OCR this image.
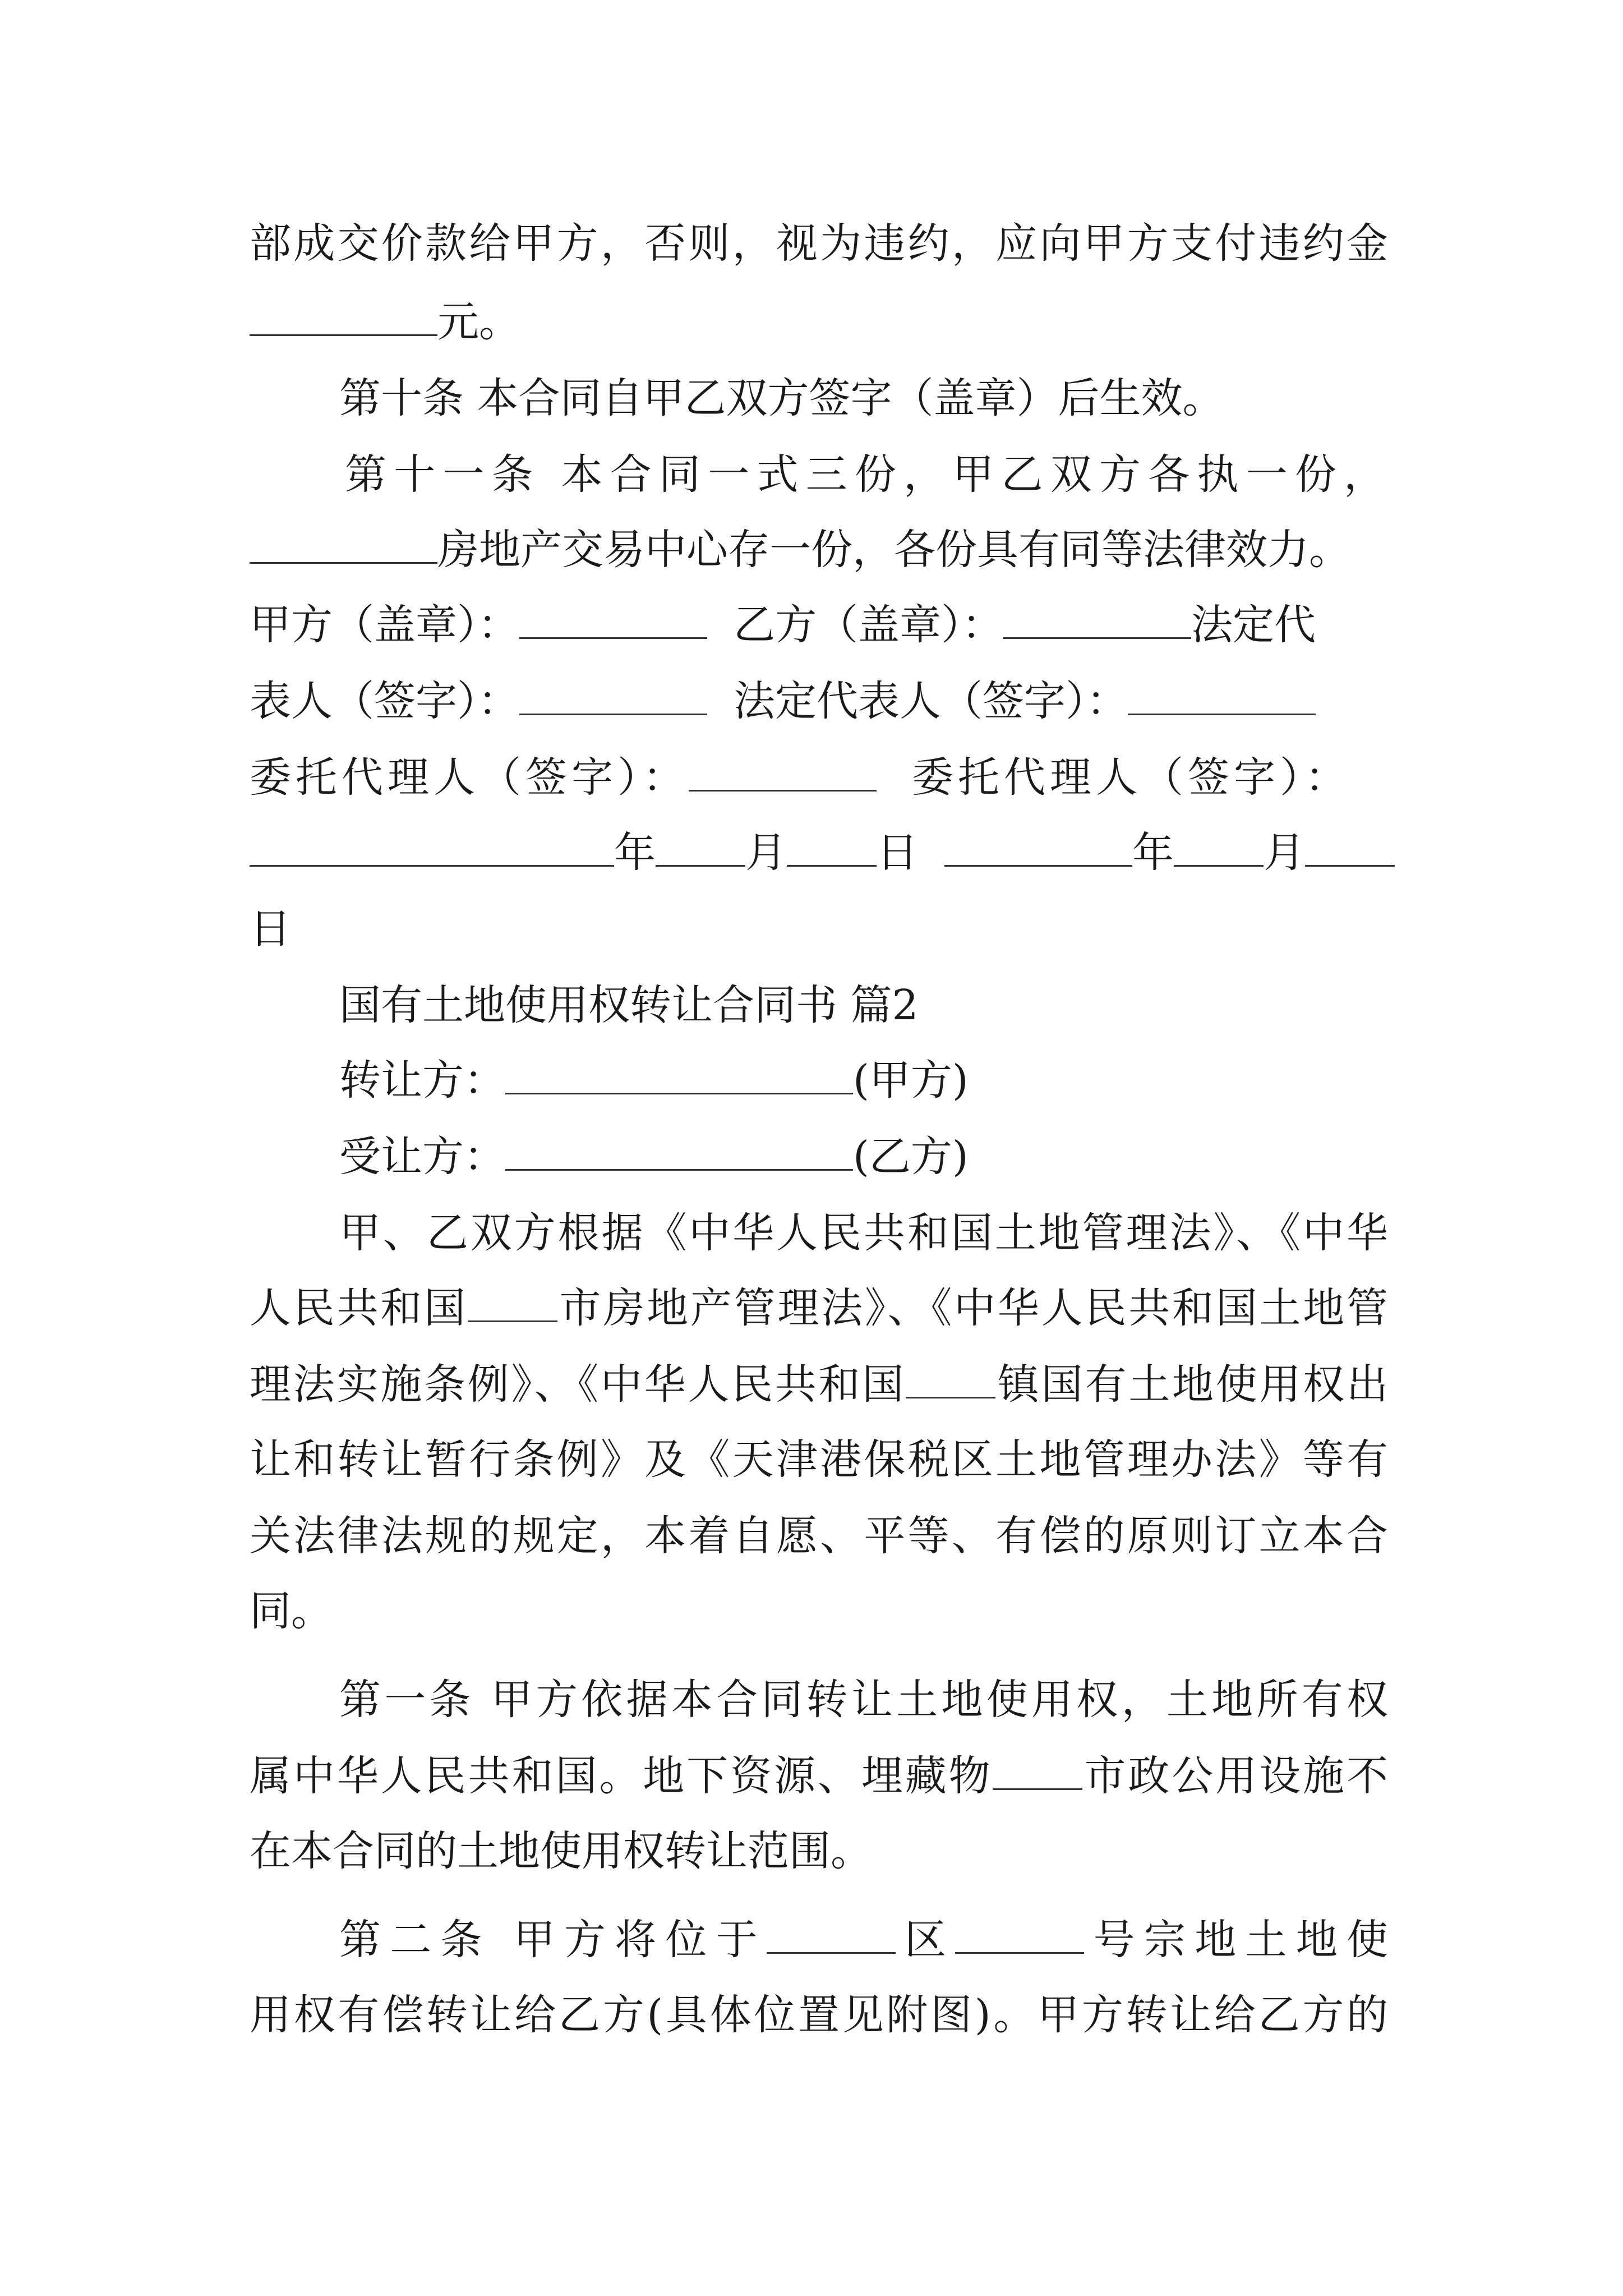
部成交价款给甲方，否则，视为违约，应向甲方支付违约金
元。
第十条 本合同自甲乙双方签字（盖章）后生效。
第十一条 本合同一式三份，甲乙双方各执一份，
房地产交易中心存一份，各份具有同等法律效力。
甲方（盖章）：	乙方（盖章）：	法定代
表人（签字）：	法定代表人（签字）：
委托代理人（签字）：	委托代理人（签字）：
年 月 日	年 月
日
国有土地使用权转让合同书 篇2
转让方：	(甲方)
受让方：	(乙方)
甲、乙双方根据《中华人民共和国土地管理法》、《中华
人民共和国 市房地产管理法》、《中华人民共和国土地管
理法实施条例》、《中华人民共和国 镇国有土地使用权出
让和转让暂行条例》及《天津港保税区土地管理办法》等有
关法律法规的规定，本着自愿、平等、有偿的原则订立本合
同。
第一条 甲方依据本合同转让土地使用权，土地所有权
属中华人民共和国。地下资源、埋藏物 市政公用设施不
在本合同的土地使用权转让范围。
第二条 甲方将位于	区	号宗地土地使
用权有偿转让给乙方(具体位置见附图)。甲方转让给乙方的
